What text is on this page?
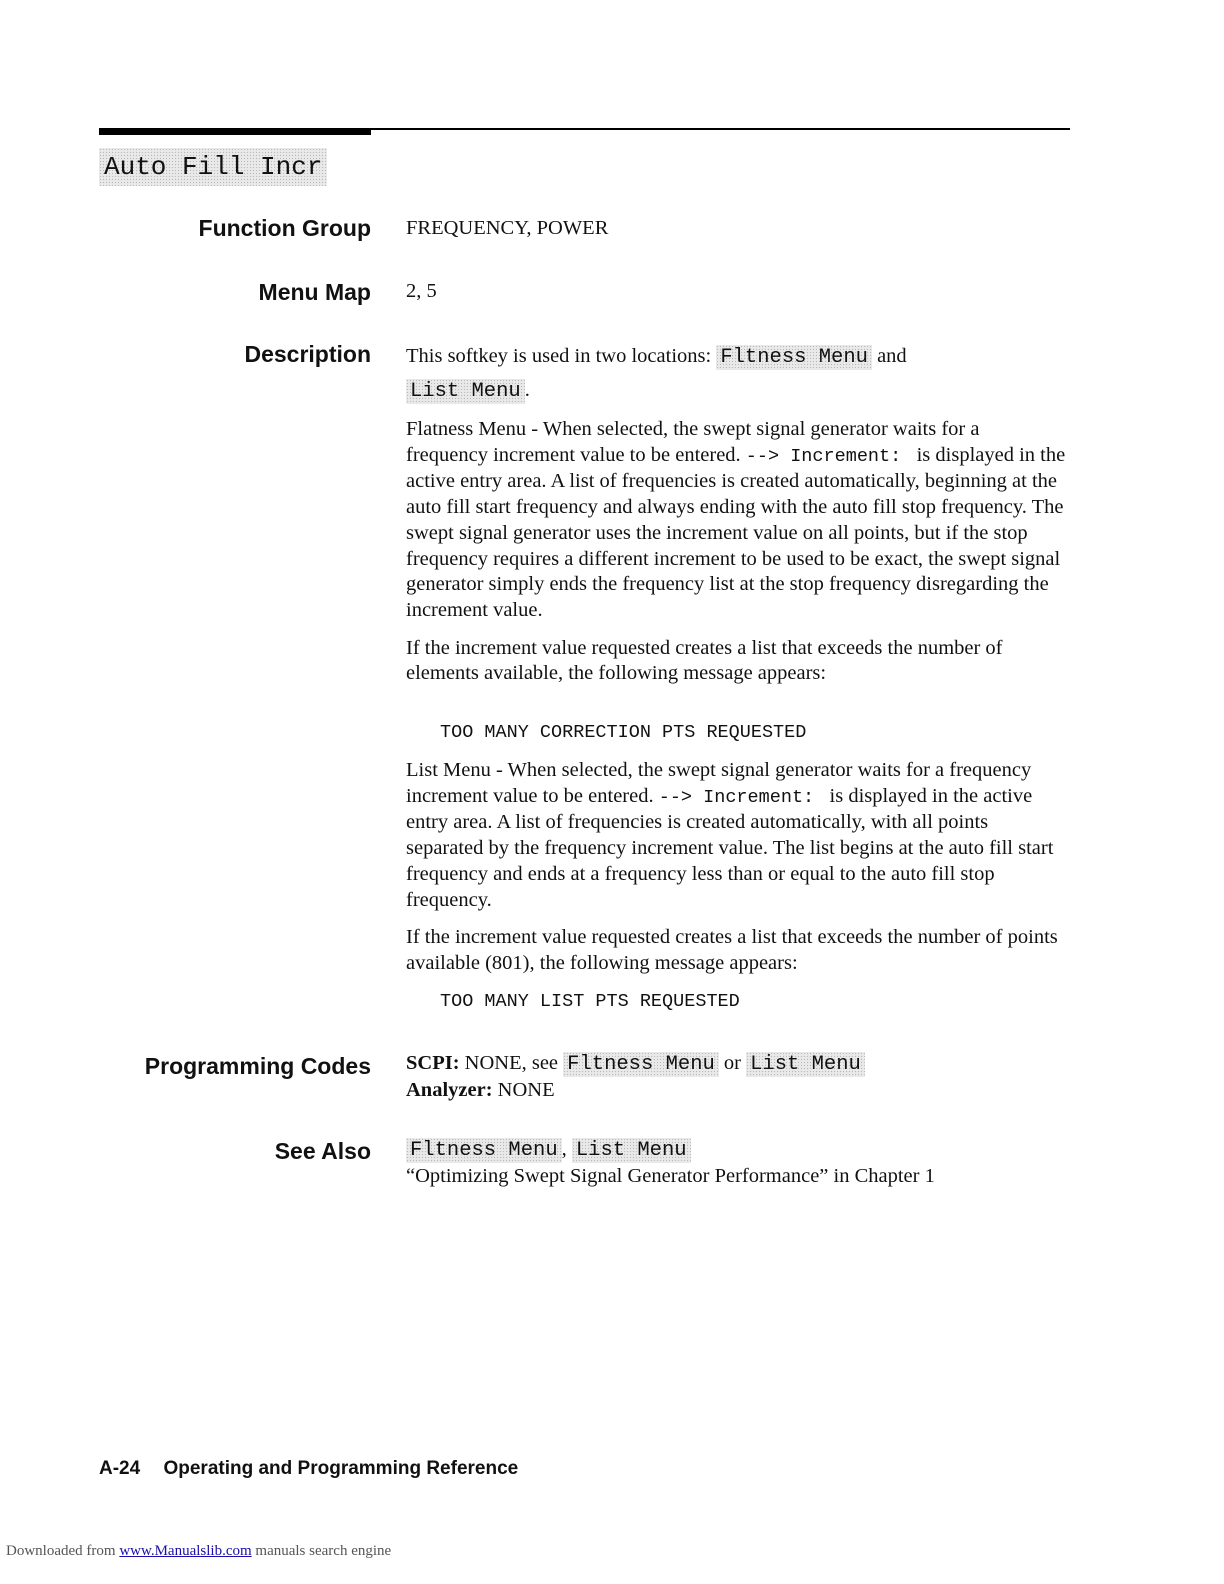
Auto Fill Incr
Function Group FREQUENCY, POWER
Menu Map 2, 5
Description This softkey is used in two locations: Fltness Menu and
List Menu .

Flatness Menu - When selected, the swept signal generator waits for a frequency increment value to be entered. --> Increment: is displayed in the active entry area. A list of frequencies is created automatically, beginning at the auto fill start frequency and always ending with the auto fill stop frequency. The swept signal generator uses the increment value on all points, but if the stop frequency requires a different increment to be used to be exact, the swept signal generator simply ends the frequency list at the stop frequency disregarding the increment value.

If the increment value requested creates a list that exceeds the number of elements available, the following message appears:

TOO MANY CORRECTION PTS REQUESTED

List Menu - When selected, the swept signal generator waits for a frequency increment value to be entered. --> Increment: is displayed in the active entry area. A list of frequencies is created automatically, with all points separated by the frequency increment value. The list begins at the auto fill start frequency and ends at a frequency less than or equal to the auto fill stop frequency.

If the increment value requested creates a list that exceeds the number of points available (801), the following message appears:

TOO MANY LIST PTS REQUESTED
Programming Codes SCPI: NONE, see Fltness Menu or List Menu
Analyzer: NONE
See Also Fltness Menu , List Menu
“Optimizing Swept Signal Generator Performance” in Chapter 1
A-24 Operating and Programming Reference
Downloaded from www.Manualslib.com manuals search engine
